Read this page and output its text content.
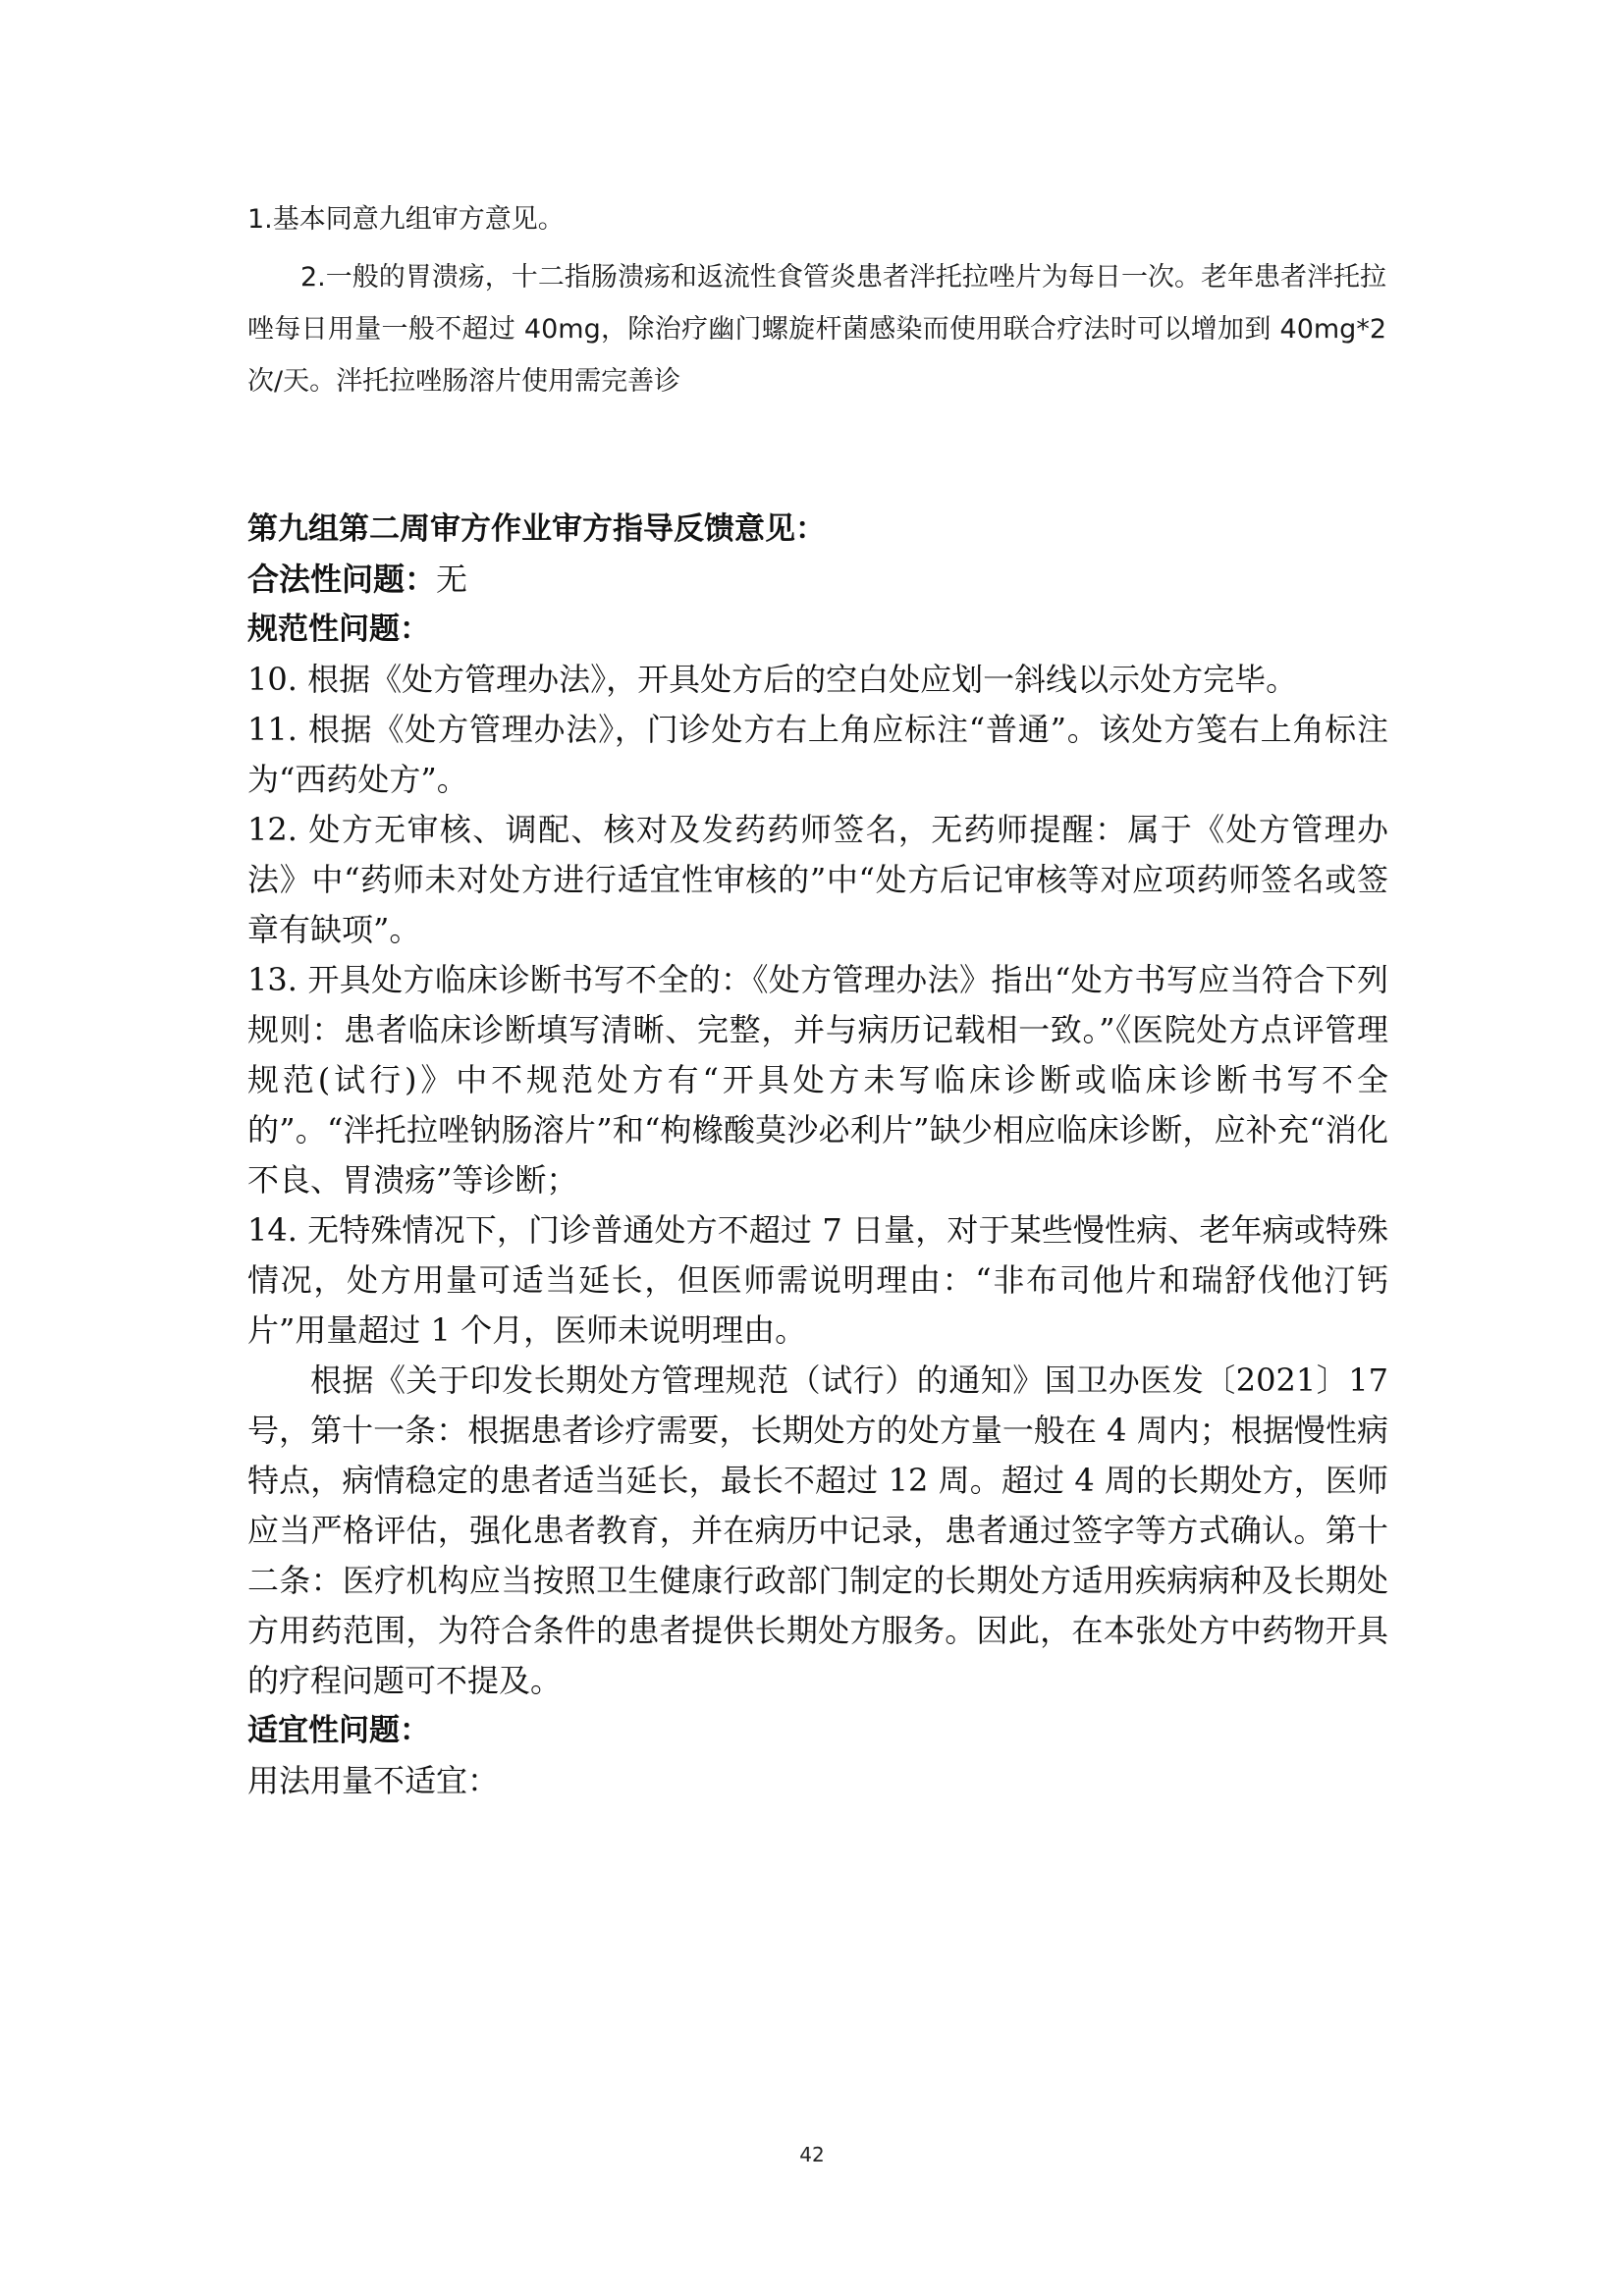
1.基本同意九组审方意见。

2.一般的胃溃疡，十二指肠溃疡和返流性食管炎患者泮托拉唑片为每日一次。老年患者泮托拉唑每日用量一般不超过 40mg，除治疗幽门螺旋杆菌感染而使用联合疗法时可以增加到 40mg*2 次/天。泮托拉唑肠溶片使用需完善诊

第九组第二周审方作业审方指导反馈意见：

合法性问题：无

规范性问题：

10. 根据《处方管理办法》，开具处方后的空白处应划一斜线以示处方完毕。

11. 根据《处方管理办法》，门诊处方右上角应标注“普通”。该处方笺右上角标注为“西药处方”。

12. 处方无审核、调配、核对及发药药师签名，无药师提醒：属于《处方管理办法》中“药师未对处方进行适宜性审核的”中“处方后记审核等对应项药师签名或签章有缺项”。

13. 开具处方临床诊断书写不全的：《处方管理办法》指出“处方书写应当符合下列规则：患者临床诊断填写清晰、完整，并与病历记载相一致。”《医院处方点评管理规范(试行)》中不规范处方有“开具处方未写临床诊断或临床诊断书写不全的”。“泮托拉唑钠肠溶片”和“枸橼酸莫沙必利片”缺少相应临床诊断，应补充“消化不良、胃溃疡”等诊断；

14. 无特殊情况下，门诊普通处方不超过 7 日量，对于某些慢性病、老年病或特殊情况，处方用量可适当延长，但医师需说明理由：“非布司他片和瑞舒伐他汀钙片”用量超过 1 个月，医师未说明理由。

根据《关于印发长期处方管理规范（试行）的通知》国卫办医发〔2021〕17 号，第十一条：根据患者诊疗需要，长期处方的处方量一般在 4 周内；根据慢性病特点，病情稳定的患者适当延长，最长不超过 12 周。超过 4 周的长期处方，医师应当严格评估，强化患者教育，并在病历中记录，患者通过签字等方式确认。第十二条：医疗机构应当按照卫生健康行政部门制定的长期处方适用疾病病种及长期处方用药范围，为符合条件的患者提供长期处方服务。因此，在本张处方中药物开具的疗程问题可不提及。

适宜性问题：

用法用量不适宜：

42
